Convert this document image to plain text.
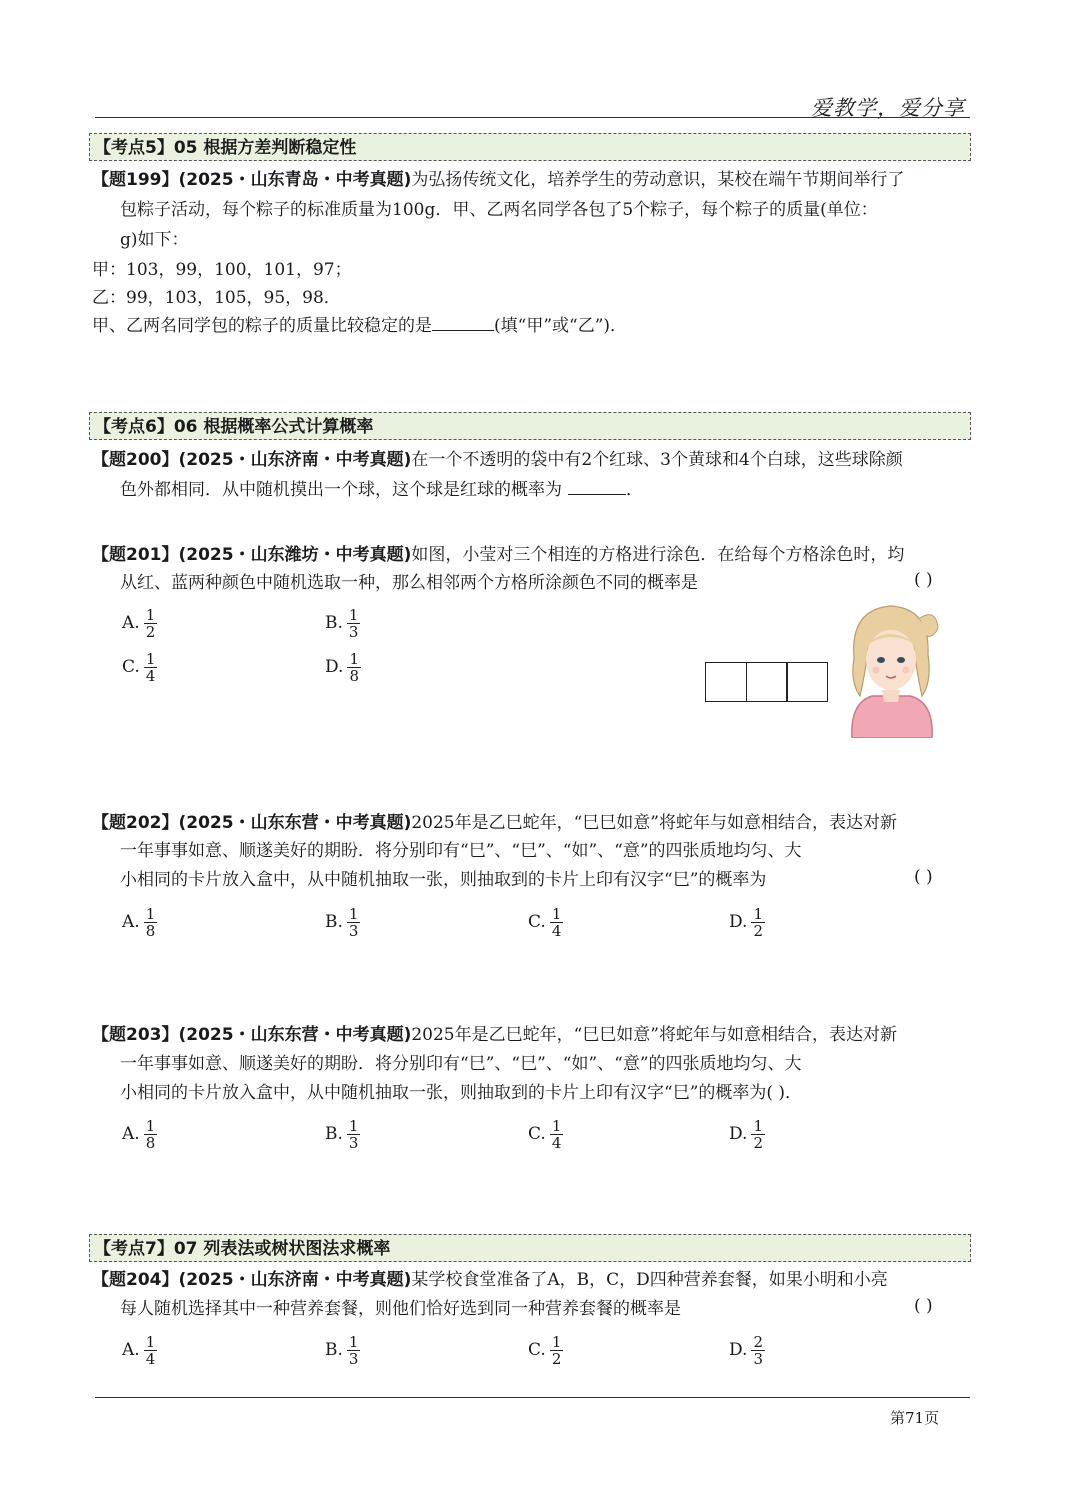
爱教学，爱分享
【考点5】05 根据方差判断稳定性
【题199】(2025・山东青岛・中考真题)为弘扬传统文化，培养学生的劳动意识，某校在端午节期间举行了
包粽子活动，每个粽子的标准质量为100g．甲、乙两名同学各包了5个粽子，每个粽子的质量(单位：
g)如下：
甲：103，99，100，101，97；
乙：99，103，105，95，98．
甲、乙两名同学包的粽子的质量比较稳定的是	(填“甲”或“乙”)．
【考点6】06 根据概率公式计算概率
【题200】(2025・山东济南・中考真题)在一个不透明的袋中有2个红球、3个黄球和4个白球，这些球除颜
色外都相同．从中随机摸出一个球，这个球是红球的概率为	．
【题201】(2025・山东潍坊・中考真题)如图，小莹对三个相连的方格进行涂色．在给每个方格涂色时，均
从红、蓝两种颜色中随机选取一种，那么相邻两个方格所涂颜色不同的概率是	( )
A. $\frac{1}{2}$	B. $\frac{1}{3}$
C. $\frac{1}{4}$	D. $\frac{1}{8}$
【题202】(2025・山东东营・中考真题)2025年是乙巳蛇年，“巳巳如意”将蛇年与如意相结合，表达对新
一年事事如意、顺遂美好的期盼．将分别印有“巳”、“巳”、“如”、“意”的四张质地均匀、大
小相同的卡片放入盒中，从中随机抽取一张，则抽取到的卡片上印有汉字“巳”的概率为	( )
A. $\frac{1}{8}$	B. $\frac{1}{3}$	C. $\frac{1}{4}$	D. $\frac{1}{2}$
【题203】(2025・山东东营・中考真题)2025年是乙巳蛇年，“巳巳如意”将蛇年与如意相结合，表达对新
一年事事如意、顺遂美好的期盼．将分别印有“巳”、“巳”、“如”、“意”的四张质地均匀、大
小相同的卡片放入盒中，从中随机抽取一张，则抽取到的卡片上印有汉字“巳”的概率为( )．
A. $\frac{1}{8}$	B. $\frac{1}{3}$	C. $\frac{1}{4}$	D. $\frac{1}{2}$
【考点7】07 列表法或树状图法求概率
【题204】(2025・山东济南・中考真题)某学校食堂准备了A，B，C，D四种营养套餐，如果小明和小亮
每人随机选择其中一种营养套餐，则他们恰好选到同一种营养套餐的概率是	( )
A. $\frac{1}{4}$	B. $\frac{1}{3}$	C. $\frac{1}{2}$	D. $\frac{2}{3}$
第71页
